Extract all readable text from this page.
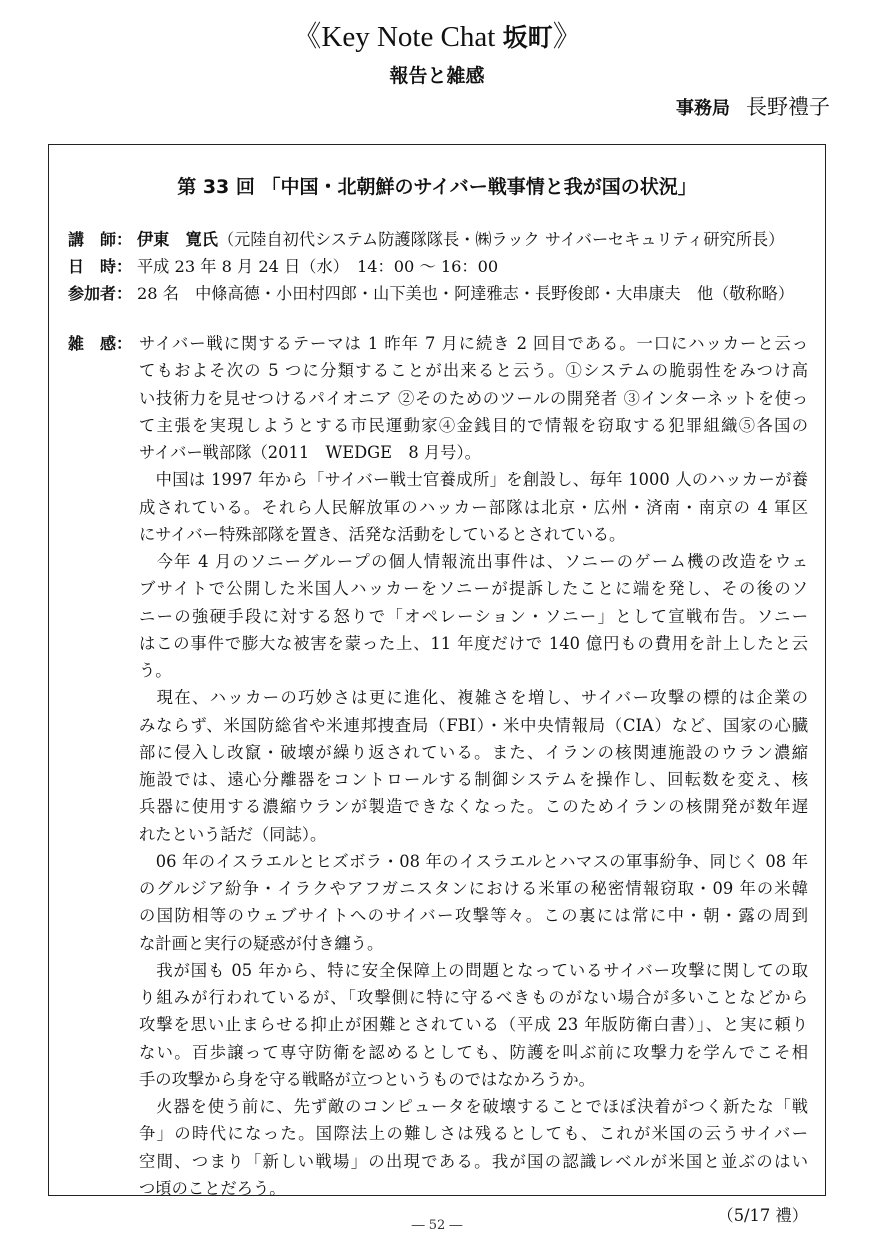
《Key Note Chat 坂町》
報告と雑感
事務局 長野禮子
第 33 回 「中国・北朝鮮のサイバー戦事情と我が国の状況」
講　師： 伊東　寛氏（元陸自初代システム防護隊隊長・㈱ラック サイバーセキュリティ研究所長）
日　時： 平成 23 年 8 月 24 日（水）　14：00 〜 16：00
参加者： 28 名　中條高德・小田村四郎・山下美也・阿達雅志・長野俊郎・大串康夫　他（敬称略）
雑　感： サイバー戦に関するテーマは 1 昨年 7 月に続き 2 回目である。一口にハッカーと云っ
てもおよそ次の 5 つに分類することが出来ると云う。①システムの脆弱性をみつけ高
い技術力を見せつけるパイオニア ②そのためのツールの開発者 ③インターネットを使っ
て主張を実現しようとする市民運動家④金銭目的で情報を窃取する犯罪組織⑤各国の
サイバー戦部隊（2011　WEDGE　8 月号）。
　中国は 1997 年から「サイバー戦士官養成所」を創設し、毎年 1000 人のハッカーが養
成されている。それら人民解放軍のハッカー部隊は北京・広州・済南・南京の 4 軍区
にサイバー特殊部隊を置き、活発な活動をしているとされている。
　今年 4 月のソニーグループの個人情報流出事件は、ソニーのゲーム機の改造をウェ
ブサイトで公開した米国人ハッカーをソニーが提訴したことに端を発し、その後のソ
ニーの強硬手段に対する怒りで「オペレーション・ソニー」として宣戦布告。ソニー
はこの事件で膨大な被害を蒙った上、11 年度だけで 140 億円もの費用を計上したと云
う。
　現在、ハッカーの巧妙さは更に進化、複雑さを増し、サイバー攻撃の標的は企業の
みならず、米国防総省や米連邦捜査局（FBI）・米中央情報局（CIA）など、国家の心臓
部に侵入し改竄・破壊が繰り返されている。また、イランの核関連施設のウラン濃縮
施設では、遠心分離器をコントロールする制御システムを操作し、回転数を変え、核
兵器に使用する濃縮ウランが製造できなくなった。このためイランの核開発が数年遅
れたという話だ（同誌）。
　06 年のイスラエルとヒズボラ・08 年のイスラエルとハマスの軍事紛争、同じく 08 年
のグルジア紛争・イラクやアフガニスタンにおける米軍の秘密情報窃取・09 年の米韓
の国防相等のウェブサイトへのサイバー攻撃等々。この裏には常に中・朝・露の周到
な計画と実行の疑惑が付き纏う。
　我が国も 05 年から、特に安全保障上の問題となっているサイバー攻撃に関しての取
り組みが行われているが、「攻撃側に特に守るべきものがない場合が多いことなどから
攻撃を思い止まらせる抑止が困難とされている（平成 23 年版防衛白書）」、と実に頼り
ない。百歩譲って専守防衛を認めるとしても、防護を叫ぶ前に攻撃力を学んでこそ相
手の攻撃から身を守る戦略が立つというものではなかろうか。
　火器を使う前に、先ず敵のコンピュータを破壊することでほぼ決着がつく新たな「戦
争」の時代になった。国際法上の難しさは残るとしても、これが米国の云うサイバー
空間、つまり「新しい戦場」の出現である。我が国の認識レベルが米国と並ぶのはい
つ頃のことだろう。
（5/17 禮）
― 52 ―
